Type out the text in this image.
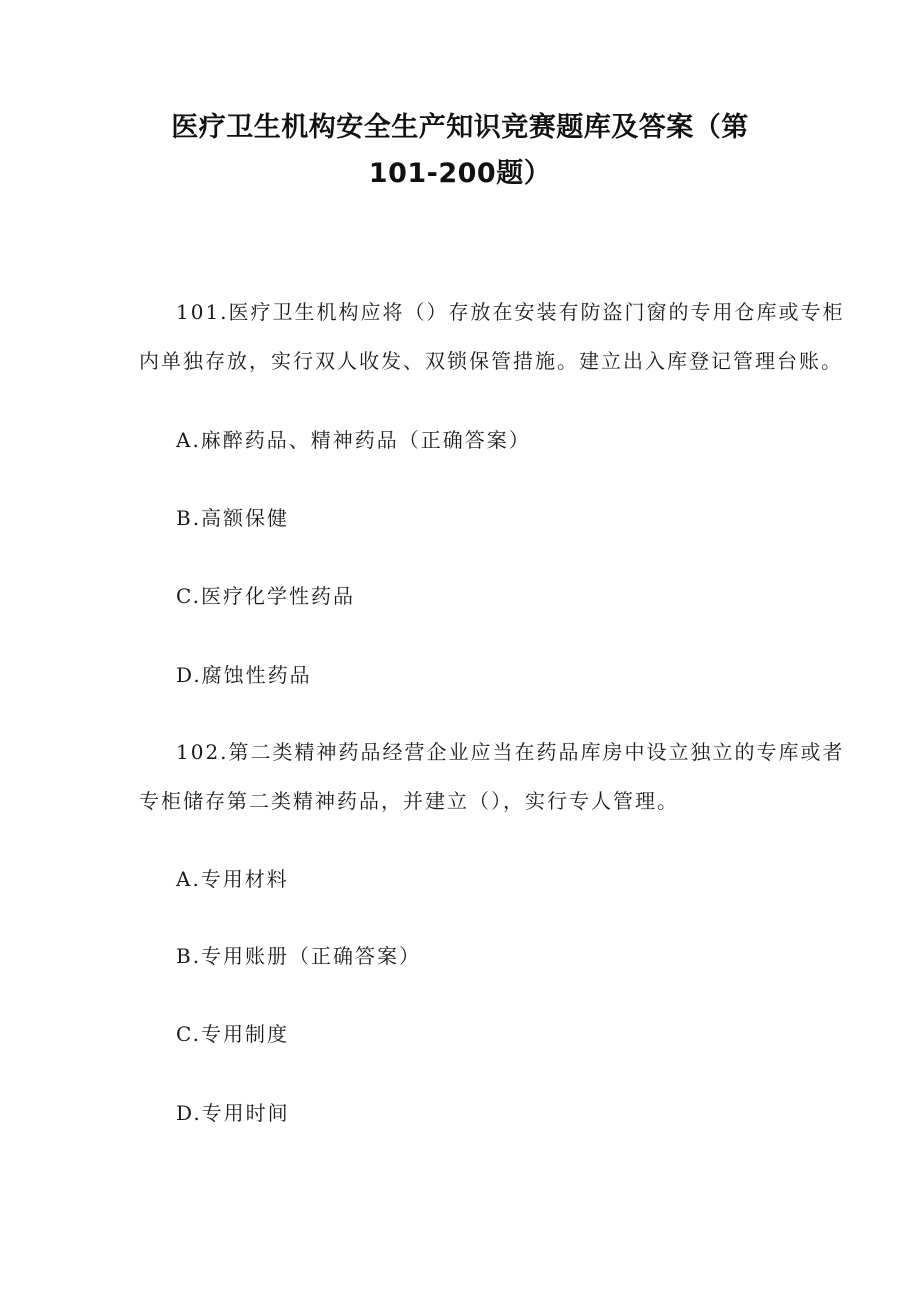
医疗卫生机构安全生产知识竞赛题库及答案（第
101-200题）
101.医疗卫生机构应将（）存放在安装有防盗门窗的专用仓库或专柜
内单独存放，实行双人收发、双锁保管措施。建立出入库登记管理台账。
A.麻醉药品、精神药品（正确答案）
B.高额保健
C.医疗化学性药品
D.腐蚀性药品
102.第二类精神药品经营企业应当在药品库房中设立独立的专库或者
专柜储存第二类精神药品，并建立（），实行专人管理。
A.专用材料
B.专用账册（正确答案）
C.专用制度
D.专用时间
